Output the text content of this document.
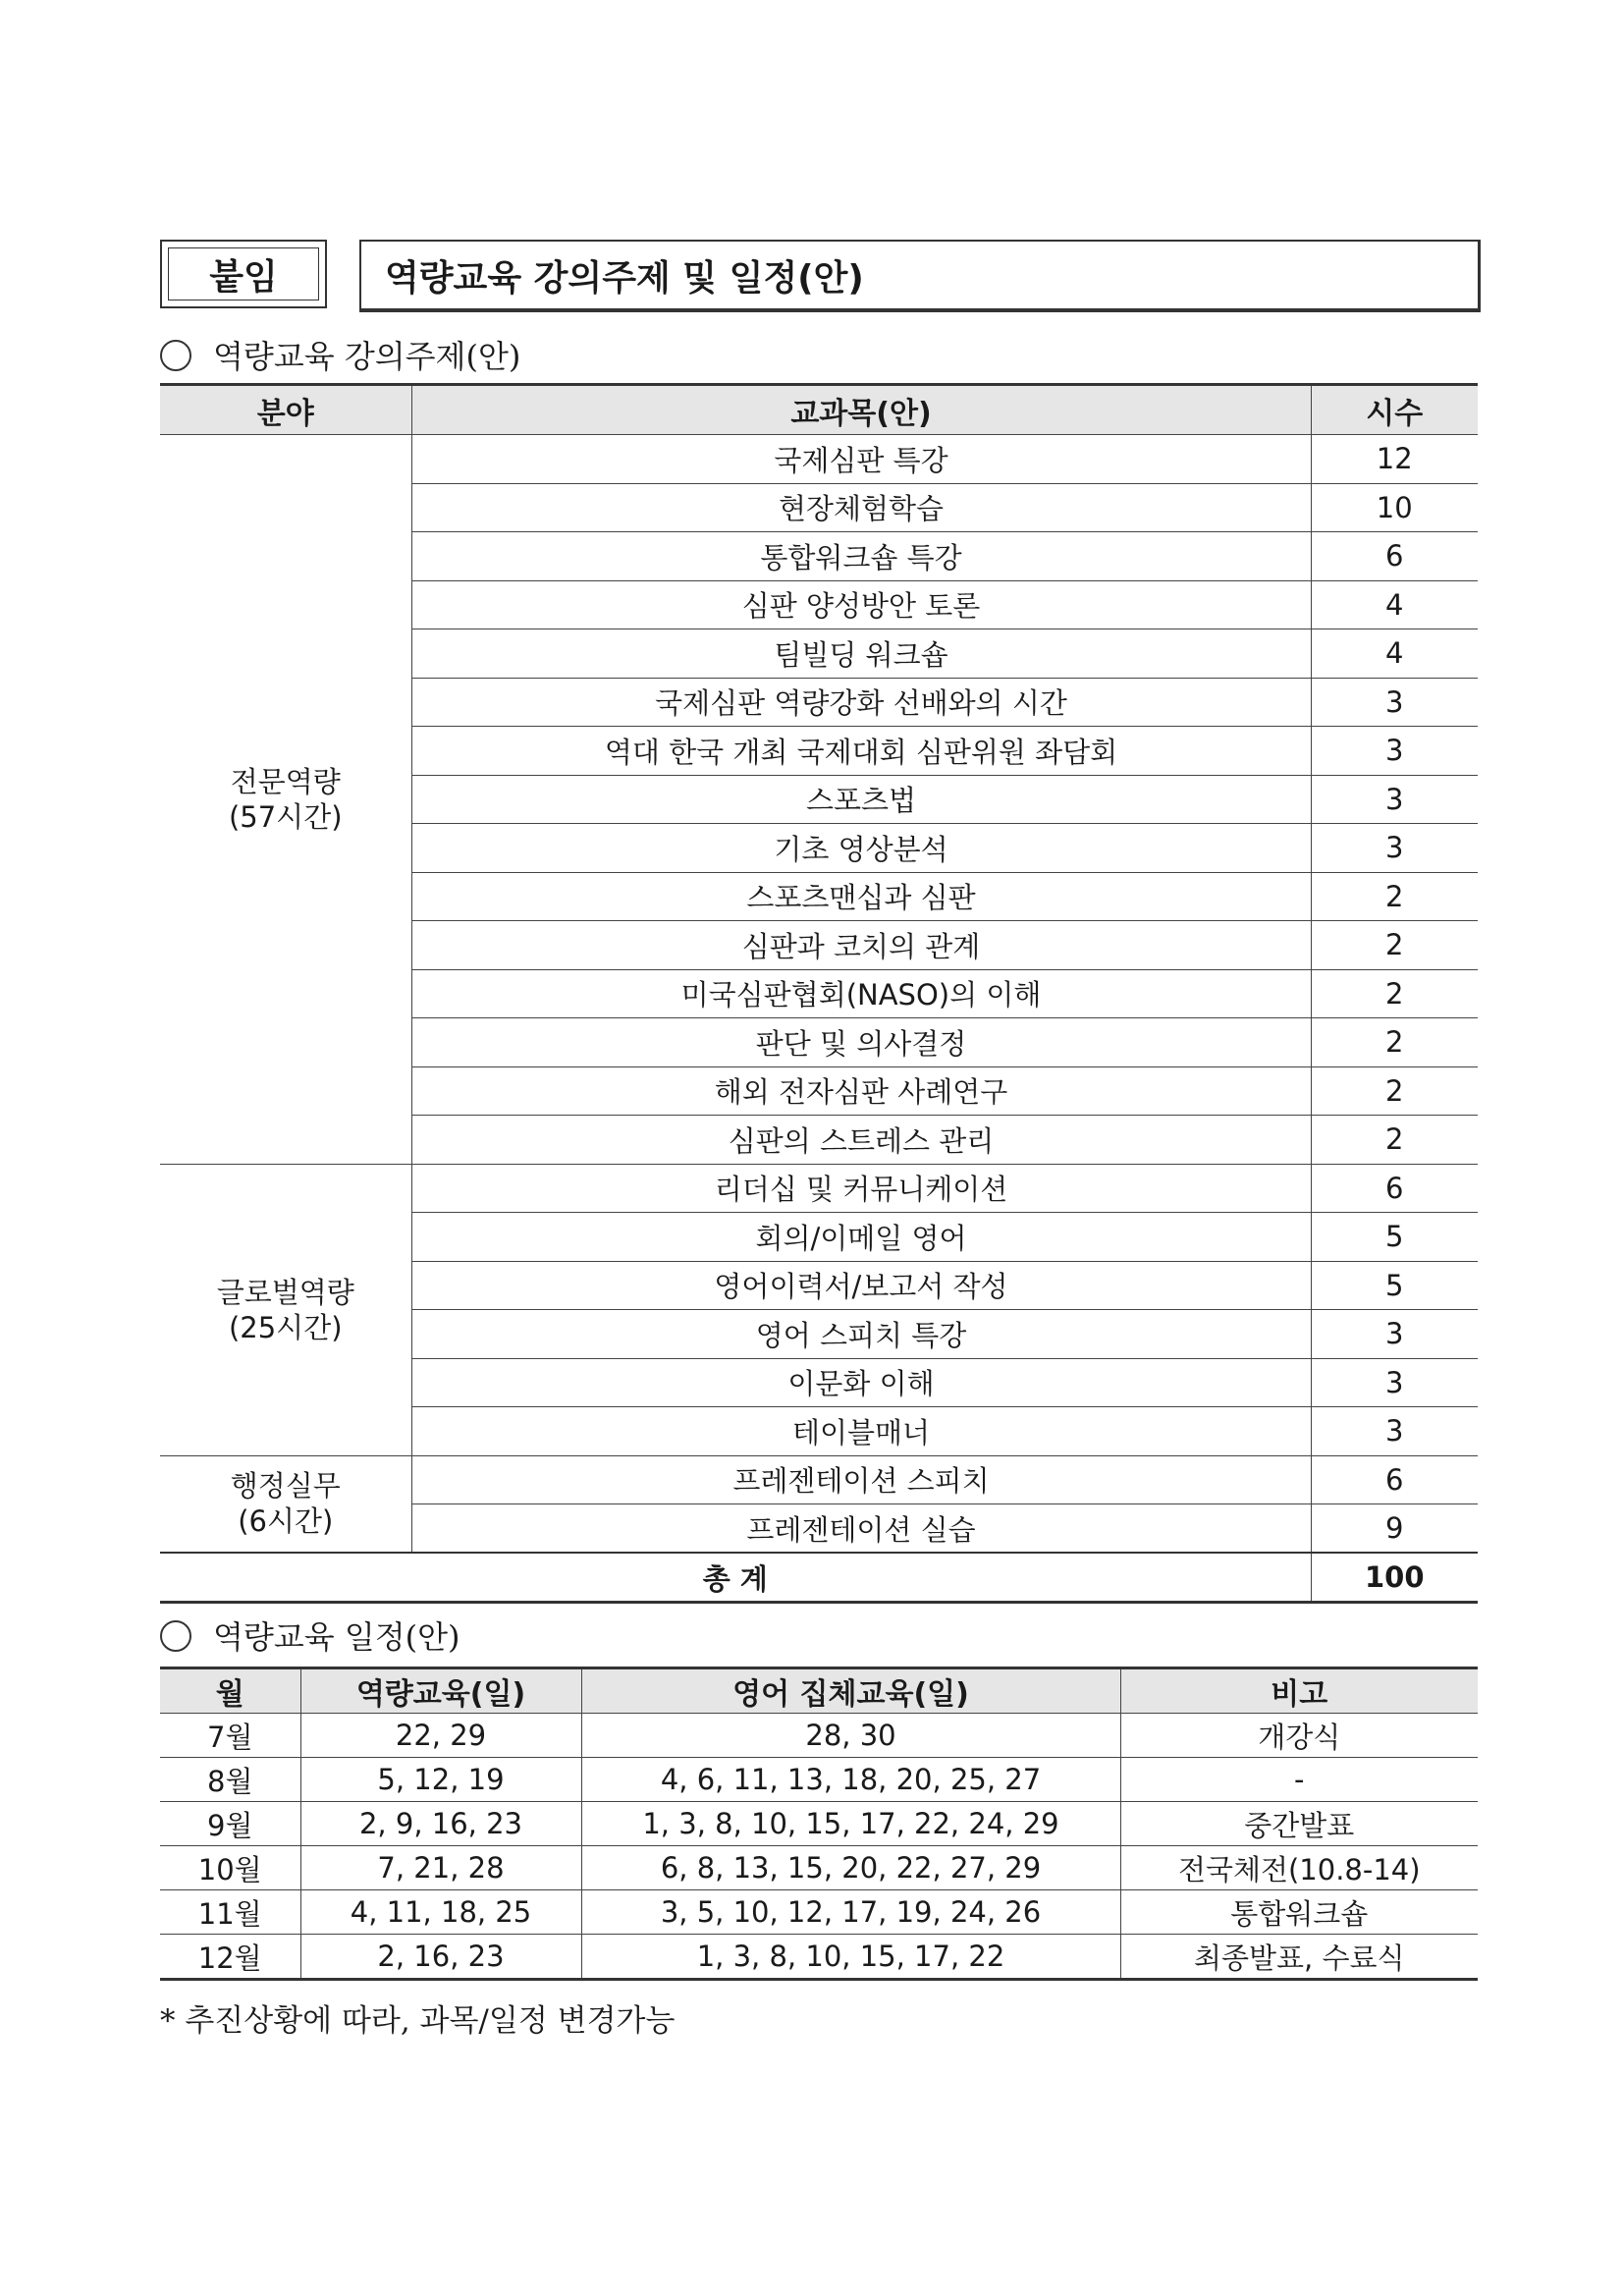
붙임	역량교육 강의주제 및 일정(안)
역량교육 강의주제(안)
분야	교과목(안)	시수

전문역량
(57시간)	국제심판 특강	12
	현장체험학습	10
	통합워크숍 특강	6
	심판 양성방안 토론	4
	팀빌딩 워크숍	4
	국제심판 역량강화 선배와의 시간	3
	역대 한국 개최 국제대회 심판위원 좌담회	3
	스포츠법	3
	기초 영상분석	3
	스포츠맨십과 심판	2
	심판과 코치의 관계	2
	미국심판협회(NASO)의 이해	2
	판단 및 의사결정	2
	해외 전자심판 사례연구	2
	심판의 스트레스 관리	2

글로벌역량
(25시간)	리더십 및 커뮤니케이션	6
	회의/이메일 영어	5
	영어이력서/보고서 작성	5
	영어 스피치 특강	3
	이문화 이해	3
	테이블매너	3

행정실무
(6시간)	프레젠테이션 스피치	6
	프레젠테이션 실습	9
총 계		100
역량교육 일정(안)
월	역량교육(일)	영어 집체교육(일)	비고
7월	22, 29	28, 30	개강식
8월	5, 12, 19	4, 6, 11, 13, 18, 20, 25, 27	-
9월	2, 9, 16, 23	1, 3, 8, 10, 15, 17, 22, 24, 29	중간발표
10월	7, 21, 28	6, 8, 13, 15, 20, 22, 27, 29	전국체전(10.8-14)
11월	4, 11, 18, 25	3, 5, 10, 12, 17, 19, 24, 26	통합워크숍
12월	2, 16, 23	1, 3, 8, 10, 15, 17, 22	최종발표, 수료식
* 추진상황에 따라, 과목/일정 변경가능
